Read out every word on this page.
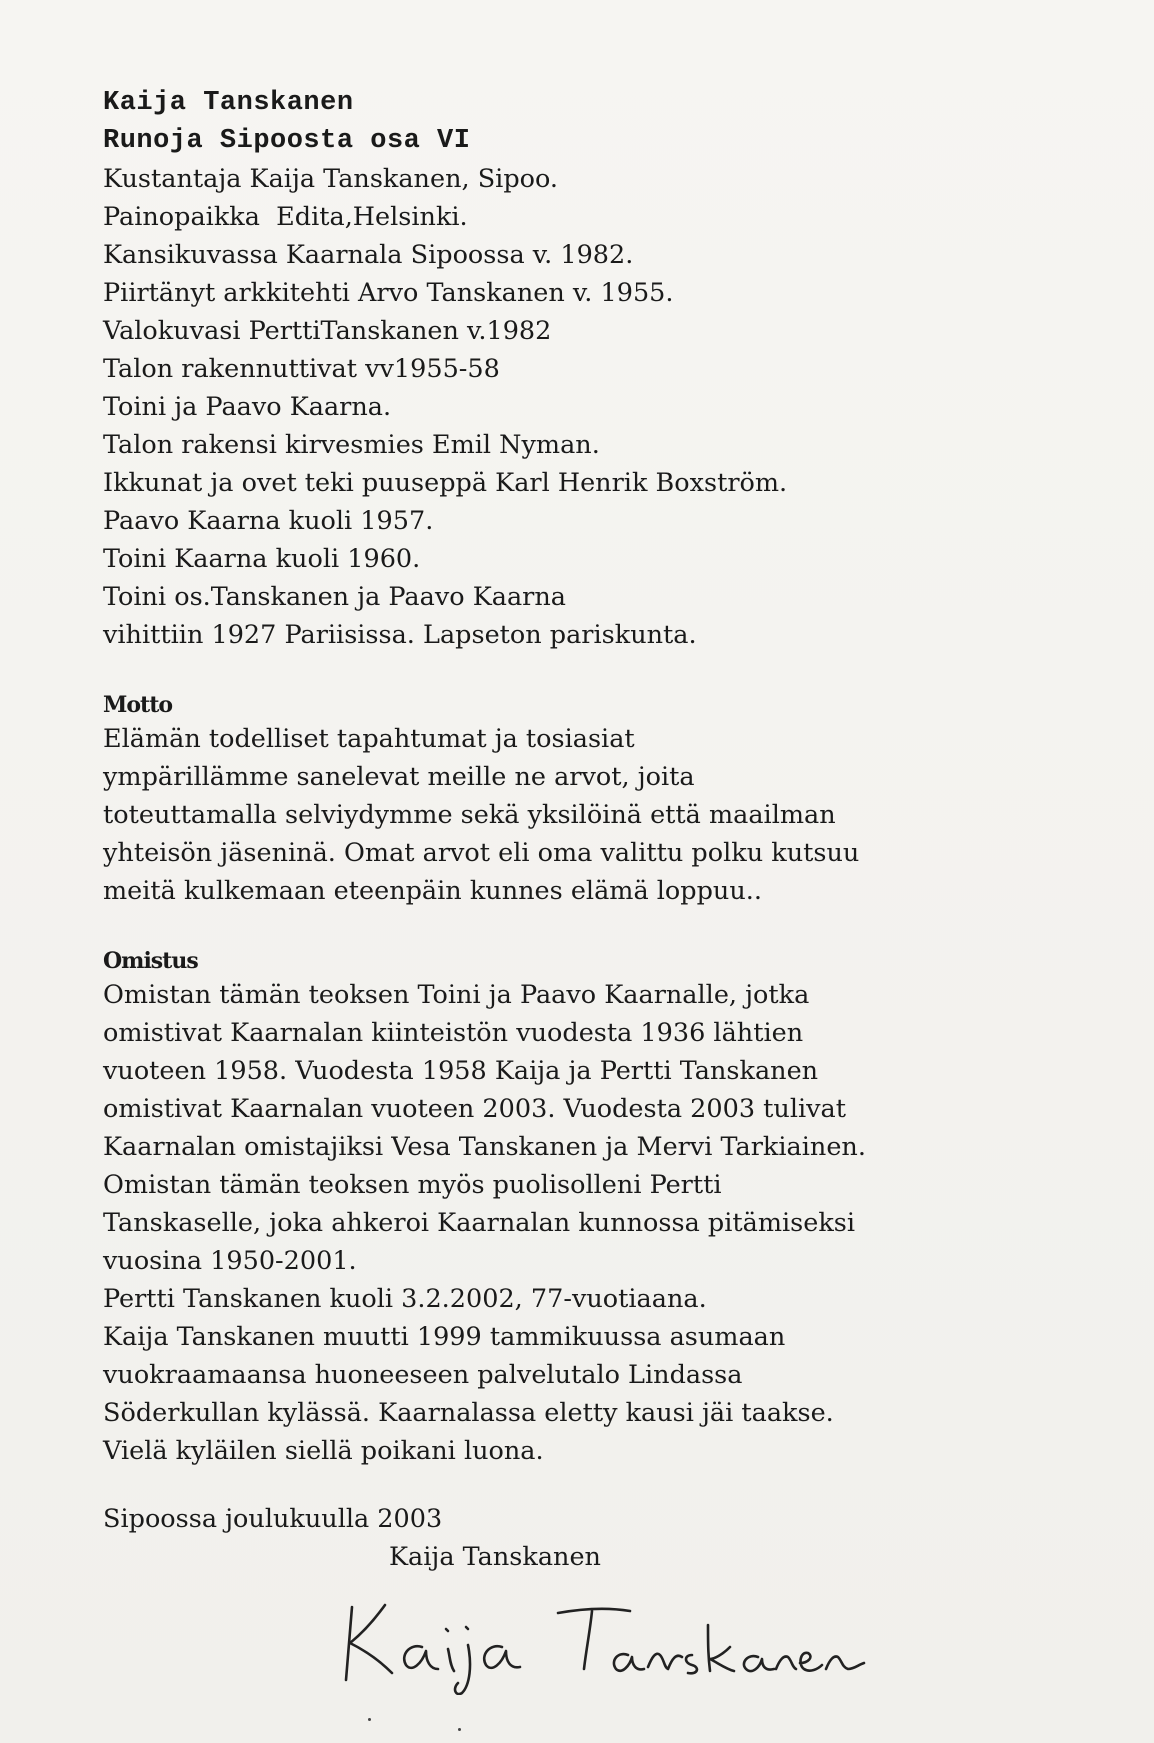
Kaija Tanskanen

Runoja Sipoosta osa VI

Kustantaja Kaija Tanskanen, Sipoo.

Painopaikka  Edita,Helsinki.

Kansikuvassa Kaarnala Sipoossa v. 1982.

Piirtänyt arkkitehti Arvo Tanskanen v. 1955.

Valokuvasi PerttiTanskanen v.1982

Talon rakennuttivat vv1955-58

Toini ja Paavo Kaarna.

Talon rakensi kirvesmies Emil Nyman.

Ikkunat ja ovet teki puuseppä Karl Henrik Boxström.

Paavo Kaarna kuoli 1957.

Toini Kaarna kuoli 1960.

Toini os.Tanskanen ja Paavo Kaarna

vihittiin 1927 Pariisissa. Lapseton pariskunta.

Motto

Elämän todelliset tapahtumat ja tosiasiat

ympärillämme sanelevat meille ne arvot, joita

toteuttamalla selviydymme sekä yksilöinä että maailman

yhteisön jäseninä. Omat arvot eli oma valittu polku kutsuu

meitä kulkemaan eteenpäin kunnes elämä loppuu..

Omistus

Omistan tämän teoksen Toini ja Paavo Kaarnalle, jotka

omistivat Kaarnalan kiinteistön vuodesta 1936 lähtien

vuoteen 1958. Vuodesta 1958 Kaija ja Pertti Tanskanen

omistivat Kaarnalan vuoteen 2003. Vuodesta 2003 tulivat

Kaarnalan omistajiksi Vesa Tanskanen ja Mervi Tarkiainen.

Omistan tämän teoksen myös puolisolleni Pertti

Tanskaselle, joka ahkeroi Kaarnalan kunnossa pitämiseksi

vuosina 1950-2001.

Pertti Tanskanen kuoli 3.2.2002, 77-vuotiaana.

Kaija Tanskanen muutti 1999 tammikuussa asumaan

vuokraamaansa huoneeseen palvelutalo Lindassa

Söderkullan kylässä. Kaarnalassa eletty kausi jäi taakse.

Vielä kyläilen siellä poikani luona.

Sipoossa joulukuulla 2003

Kaija Tanskanen
